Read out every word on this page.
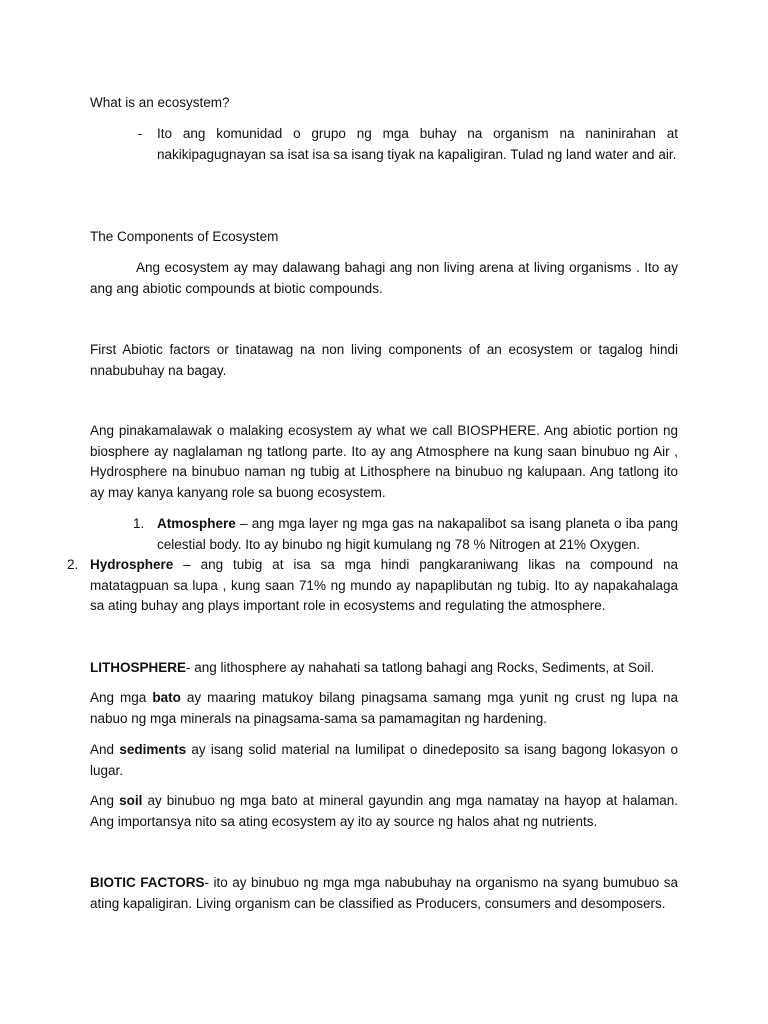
What is an ecosystem?
- Ito ang komunidad o grupo ng mga buhay na organism na naninirahan at nakikipagugnayan sa isat isa sa isang tiyak na kapaligiran. Tulad ng land water and air.
The Components of Ecosystem
Ang ecosystem ay may dalawang bahagi ang non living arena at living organisms . Ito ay ang ang abiotic compounds at biotic compounds.
First Abiotic factors or tinatawag na non living components of an ecosystem or tagalog hindi nnabubuhay na bagay.
Ang pinakamalawak o malaking ecosystem ay what we call BIOSPHERE. Ang abiotic portion ng biosphere ay naglalaman ng tatlong parte. Ito ay ang Atmosphere na kung saan binubuo ng Air , Hydrosphere na binubuo naman ng tubig at Lithosphere na binubuo ng kalupaan. Ang tatlong ito ay may kanya kanyang role sa buong ecosystem.
1. Atmosphere – ang mga layer ng mga gas na nakapalibot sa isang planeta o iba pang celestial body. Ito ay binubo ng higit kumulang ng 78 % Nitrogen at 21% Oxygen.
2. Hydrosphere – ang tubig at isa sa mga hindi pangkaraniwang likas na compound na matatagpuan sa lupa , kung saan 71% ng mundo ay napaplibutan ng tubig. Ito ay napakahalaga sa ating buhay ang plays important role in ecosystems and regulating the atmosphere.
LITHOSPHERE- ang lithosphere ay nahahati sa tatlong bahagi ang Rocks, Sediments, at Soil.
Ang mga bato ay maaring matukoy bilang pinagsama samang mga yunit ng crust ng lupa na nabuo ng mga minerals na pinagsama-sama sa pamamagitan ng hardening.
And sediments ay isang solid material na lumilipat o dinedeposito sa isang bagong lokasyon o lugar.
Ang soil ay binubuo ng mga bato at mineral gayundin ang mga namatay na hayop at halaman. Ang importansya nito sa ating ecosystem ay ito ay source ng halos ahat ng nutrients.
BIOTIC FACTORS- ito ay binubuo ng mga mga nabubuhay na organismo na syang bumubuo sa ating kapaligiran. Living organism can be classified as Producers, consumers and desomposers.
